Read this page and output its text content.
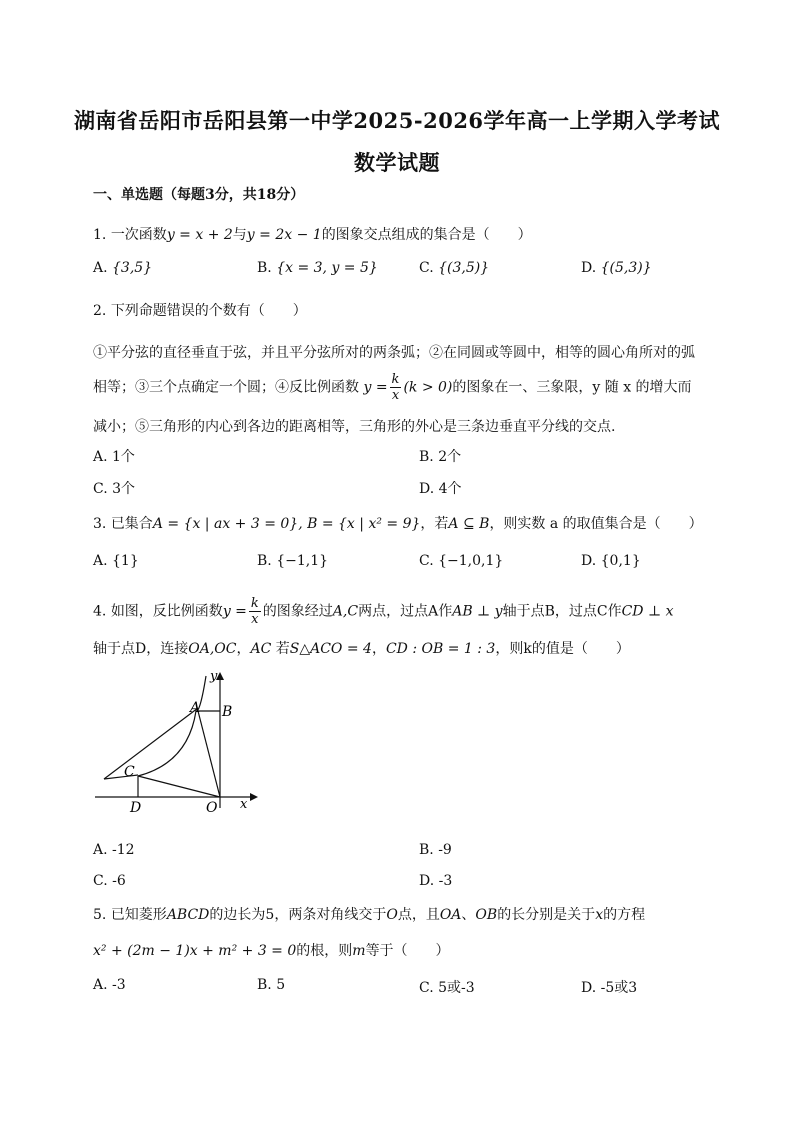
湖南省岳阳市岳阳县第一中学2025-2026学年高一上学期入学考试
数学试题
一、单选题（每题3分，共18分）
1. 一次函数y = x + 2与y = 2x − 1的图象交点组成的集合是（　　）
A. {3,5}	B. {x = 3, y = 5}	C. {(3,5)}	D. {(5,3)}
2. 下列命题错误的个数有（　　）
①平分弦的直径垂直于弦，并且平分弦所对的两条弧；②在同圆或等圆中，相等的圆心角所对的弧
相等；③三个点确定一个圆；④反比例函数 $y = \frac{k}{x} (k > 0)$的图象在一、三象限，y 随 x 的增大而
减小；⑤三角形的内心到各边的距离相等，三角形的外心是三条边垂直平分线的交点.
A. 1个	B. 2个
C. 3个	D. 4个
3. 已集合A = {x | ax + 3 = 0}, B = {x | x² = 9}，若A ⊆ B，则实数 a 的取值集合是（　　）
A. {1}	B. {−1,1}	C. {−1,0,1}	D. {0,1}
4. 如图，反比例函数$y = \frac{k}{x}$ 的图象经过A,C两点，过点A作AB ⊥ y轴于点B，过点C作CD ⊥ x
轴于点D，连接OA,OC，AC 若S△ACO = 4，CD : OB = 1 : 3，则k的值是（　　）
y
x
A B
C
D	O
A. -12	B. -9
C. -6	D. -3
5. 已知菱形ABCD的边长为5，两条对角线交于O点，且OA、OB的长分别是关于x的方程
x² + (2m − 1)x + m² + 3 = 0的根，则m等于（　　）
A. -3	B. 5	C. 5或-3	D. -5或3
